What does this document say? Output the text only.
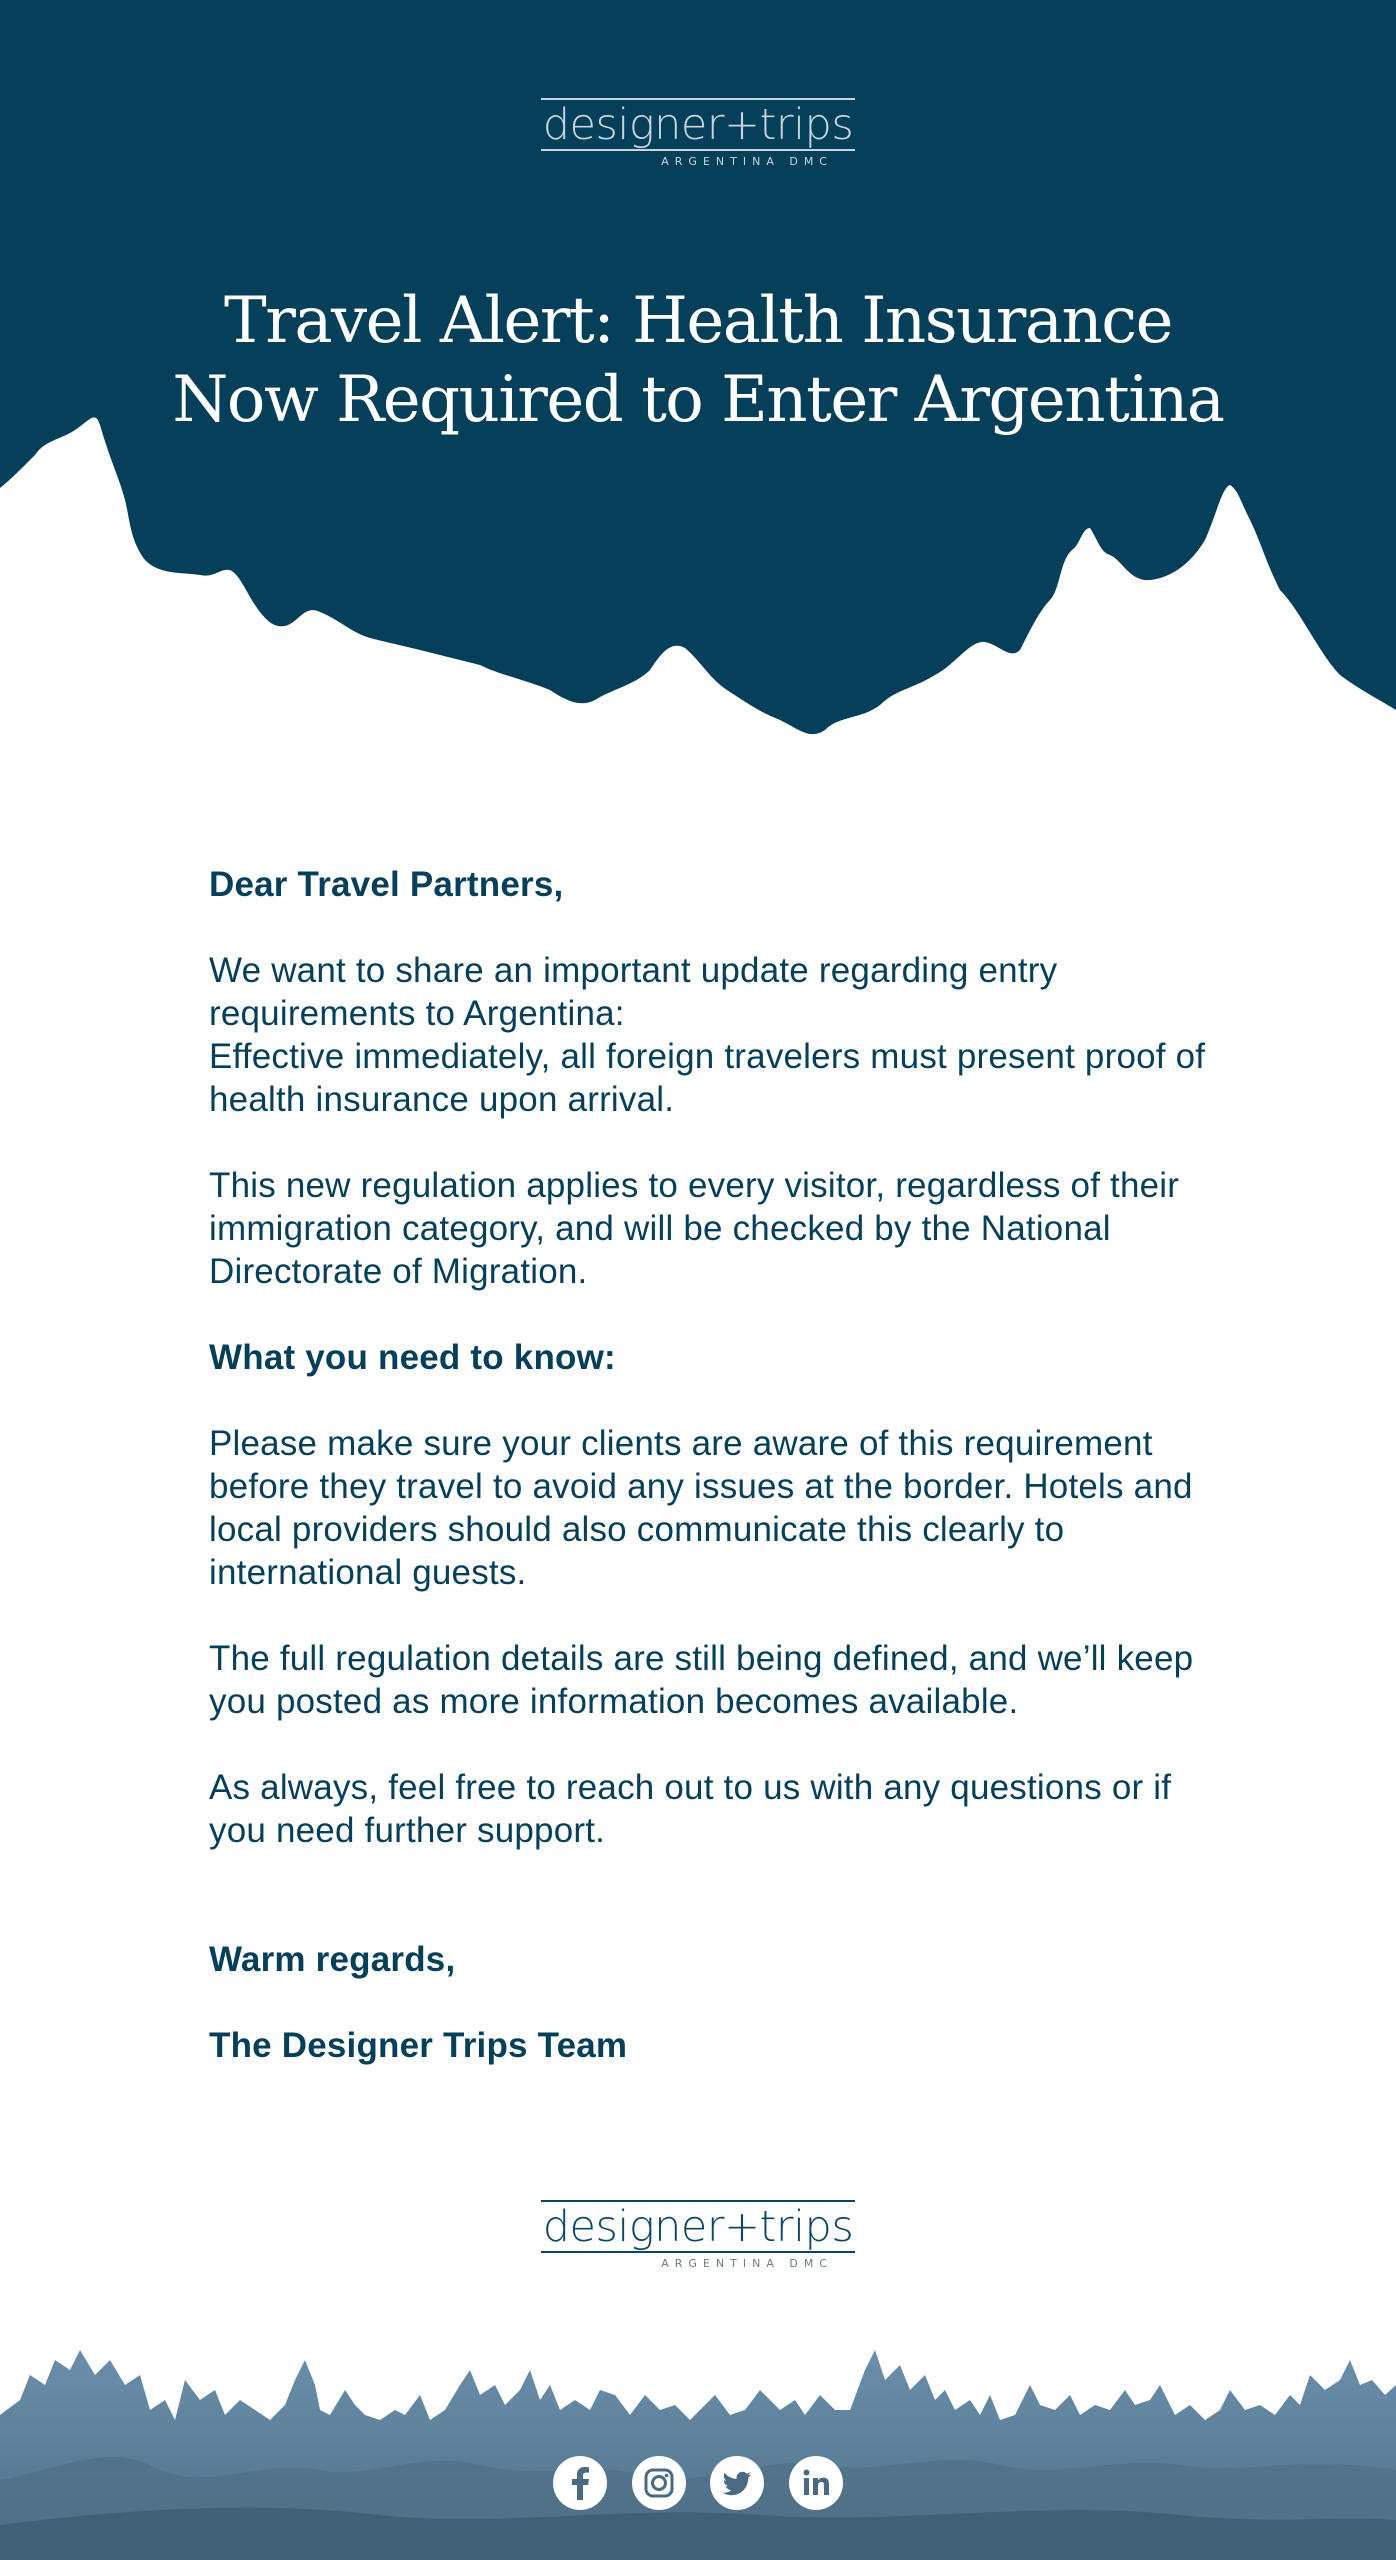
Travel Alert: Health Insurance
Now Required to Enter Argentina
designer+trips
ARGENTINA DMC

Dear Travel Partners,

We want to share an important update regarding entry requirements to Argentina:
Effective immediately, all foreign travelers must present proof of health insurance upon arrival.

This new regulation applies to every visitor, regardless of their immigration category, and will be checked by the National Directorate of Migration.

What you need to know:

Please make sure your clients are aware of this requirement before they travel to avoid any issues at the border. Hotels and local providers should also communicate this clearly to international guests.

The full regulation details are still being defined, and we’ll keep you posted as more information becomes available.

As always, feel free to reach out to us with any questions or if you need further support.

Warm regards,

The Designer Trips Team

designer+trips
ARGENTINA DMC
